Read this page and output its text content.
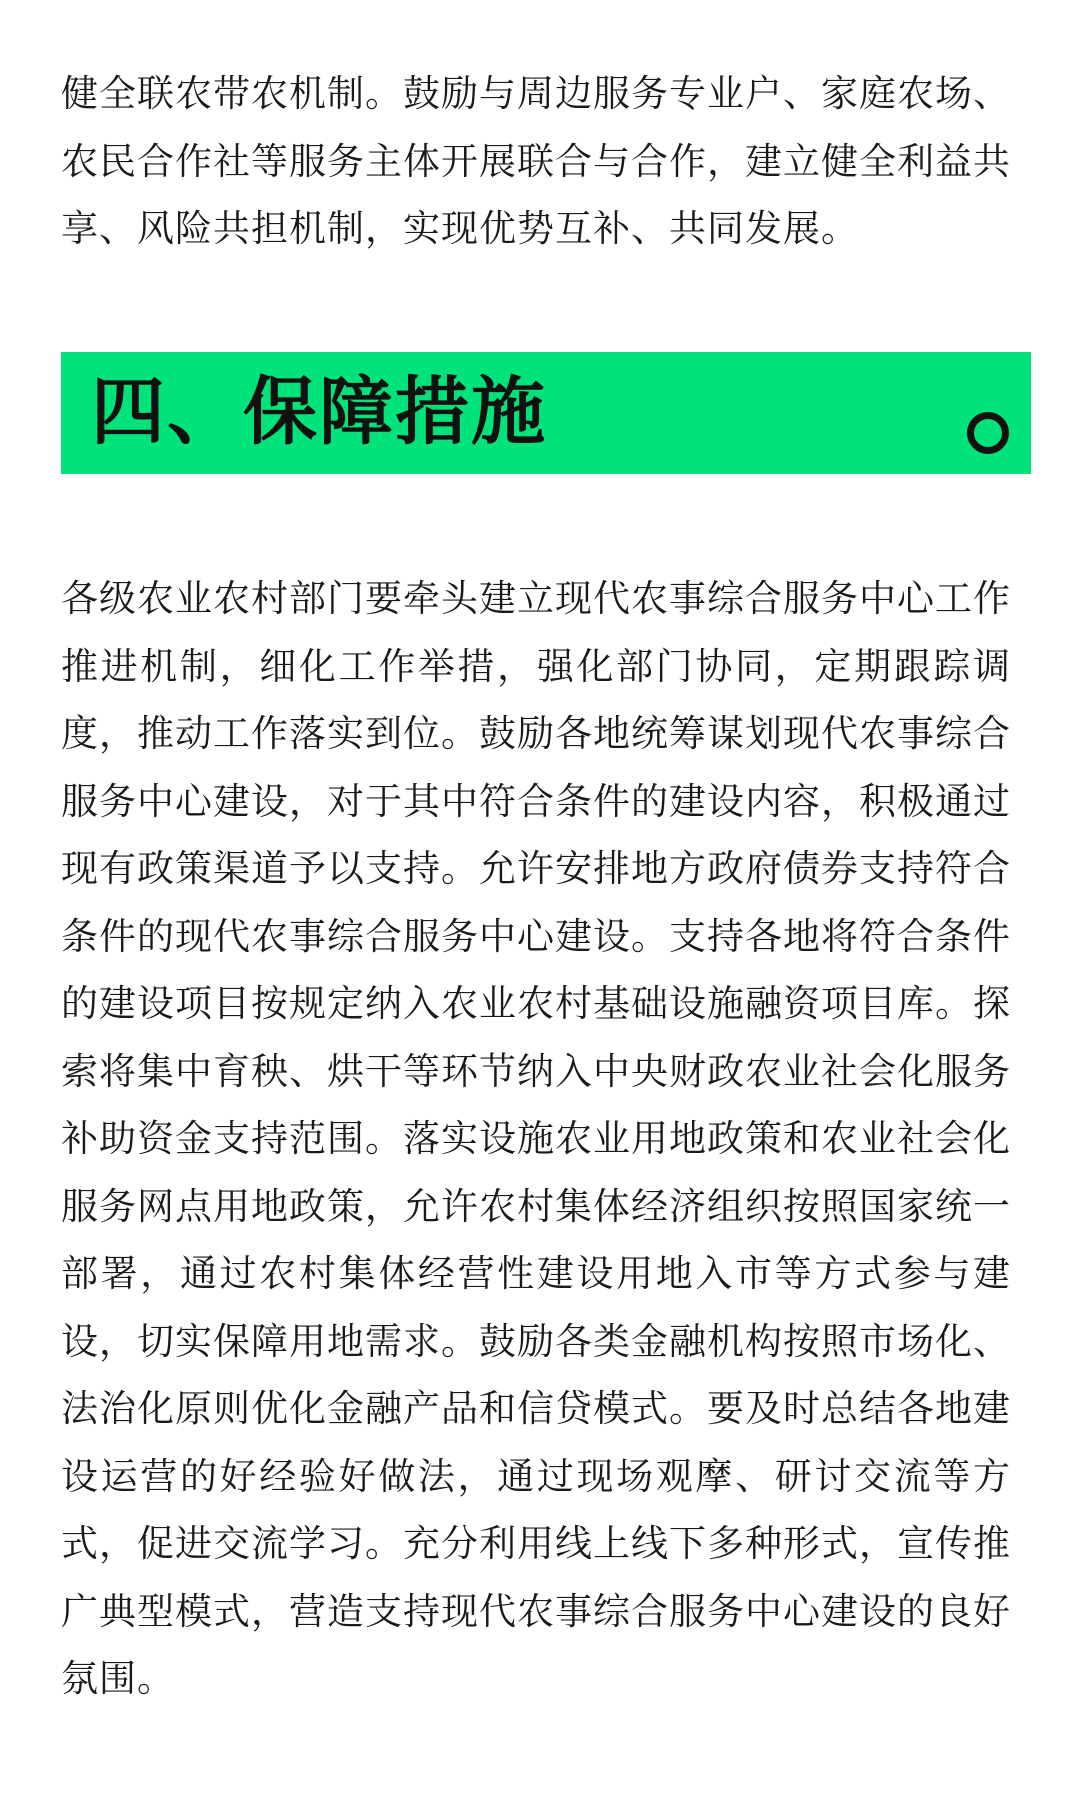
健全联农带农机制。鼓励与周边服务专业户、家庭农场、农民合作社等服务主体开展联合与合作，建立健全利益共享、风险共担机制，实现优势互补、共同发展。

四、保障措施

各级农业农村部门要牵头建立现代农事综合服务中心工作推进机制，细化工作举措，强化部门协同，定期跟踪调度，推动工作落实到位。鼓励各地统筹谋划现代农事综合服务中心建设，对于其中符合条件的建设内容，积极通过现有政策渠道予以支持。允许安排地方政府债券支持符合条件的现代农事综合服务中心建设。支持各地将符合条件的建设项目按规定纳入农业农村基础设施融资项目库。探索将集中育秧、烘干等环节纳入中央财政农业社会化服务补助资金支持范围。落实设施农业用地政策和农业社会化服务网点用地政策，允许农村集体经济组织按照国家统一部署，通过农村集体经营性建设用地入市等方式参与建设，切实保障用地需求。鼓励各类金融机构按照市场化、法治化原则优化金融产品和信贷模式。要及时总结各地建设运营的好经验好做法，通过现场观摩、研讨交流等方式，促进交流学习。充分利用线上线下多种形式，宣传推广典型模式，营造支持现代农事综合服务中心建设的良好氛围。
